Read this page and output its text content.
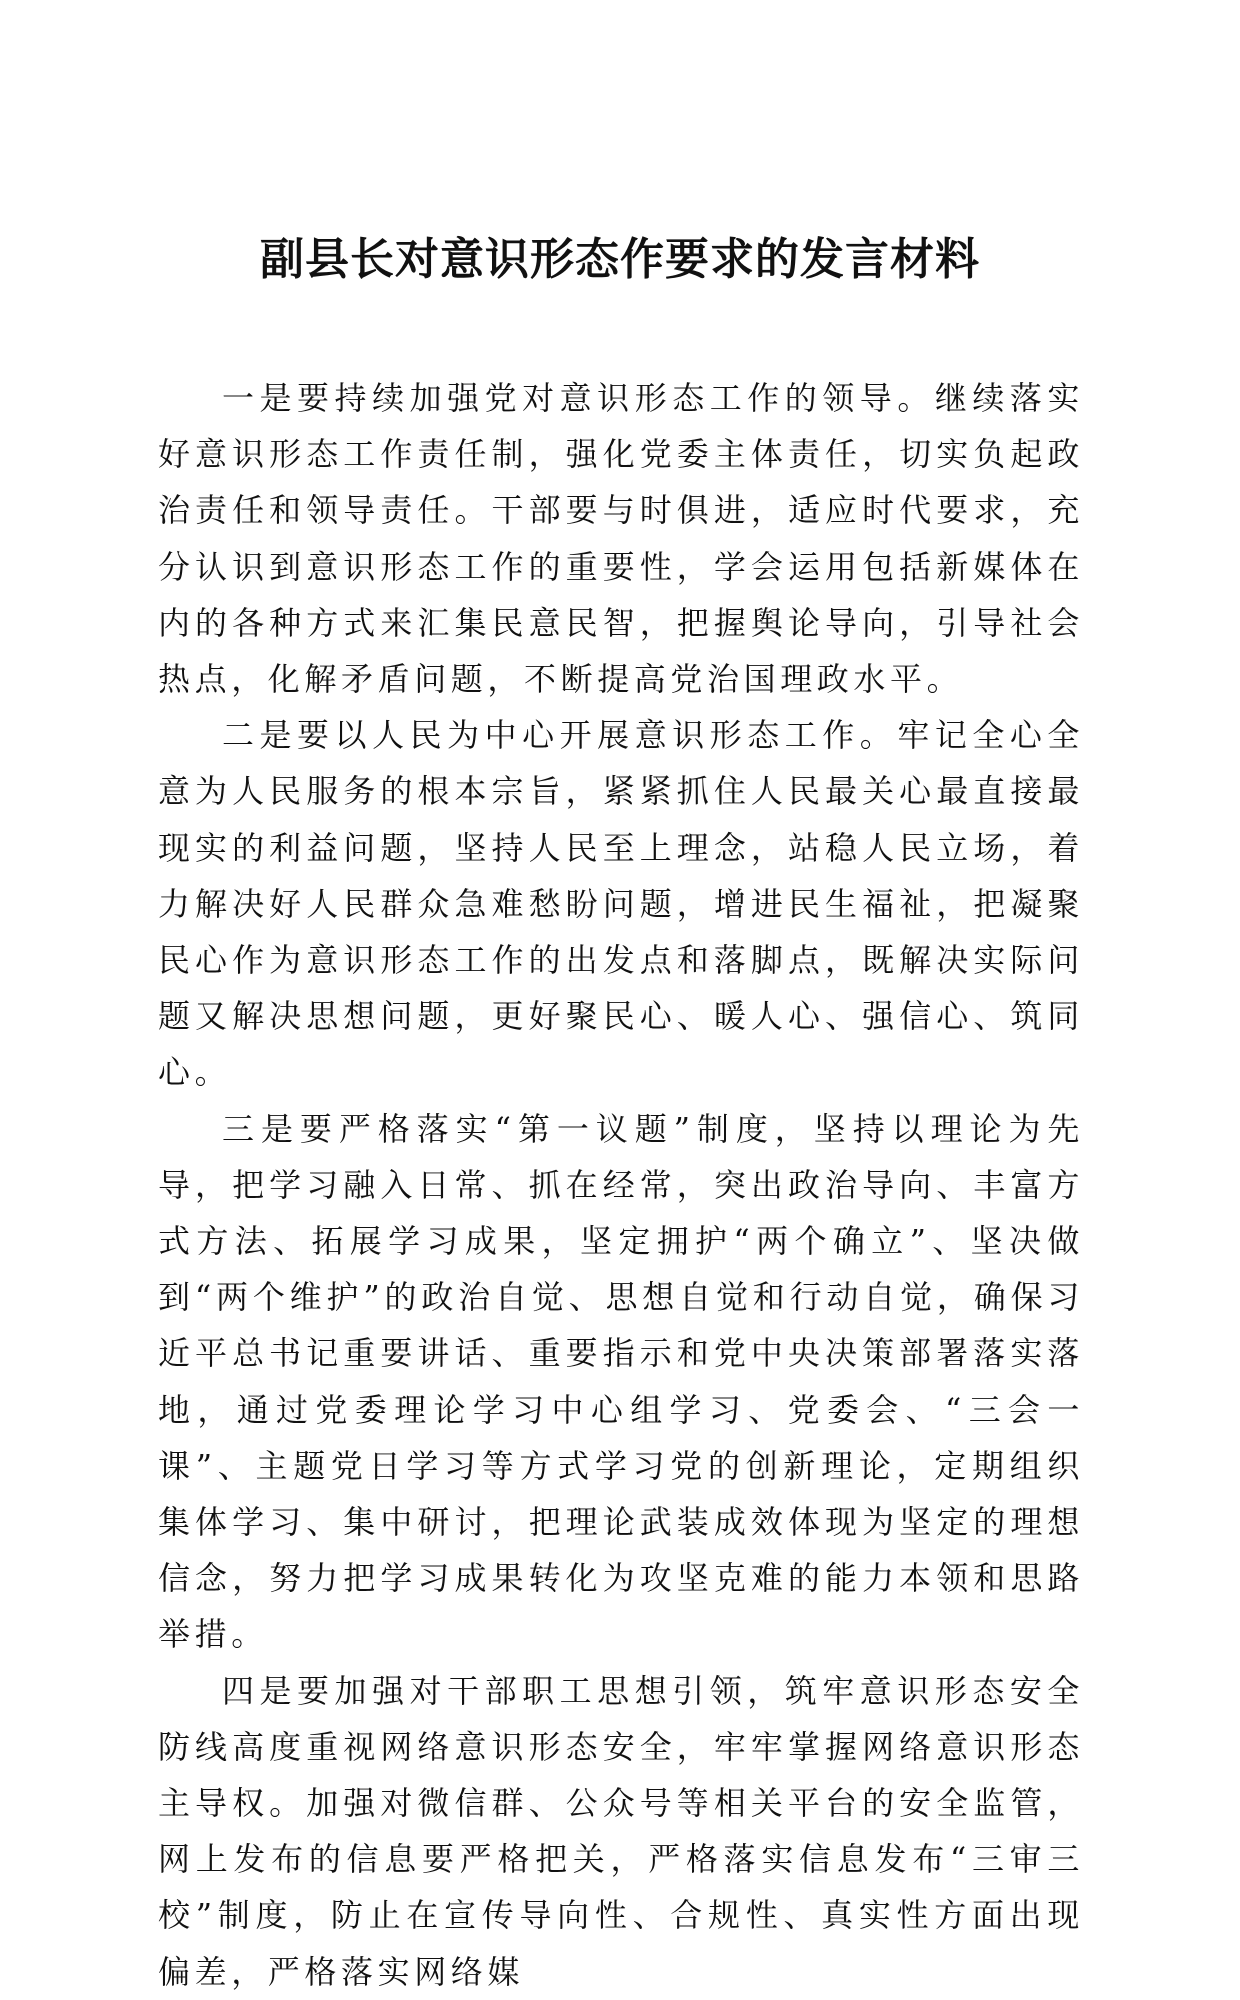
副县长对意识形态作要求的发言材料

一是要持续加强党对意识形态工作的领导。继续落实好意识形态工作责任制，强化党委主体责任，切实负起政治责任和领导责任。干部要与时俱进，适应时代要求，充分认识到意识形态工作的重要性，学会运用包括新媒体在内的各种方式来汇集民意民智，把握舆论导向，引导社会热点，化解矛盾问题，不断提高党治国理政水平。

二是要以人民为中心开展意识形态工作。牢记全心全意为人民服务的根本宗旨，紧紧抓住人民最关心最直接最现实的利益问题，坚持人民至上理念，站稳人民立场，着力解决好人民群众急难愁盼问题，增进民生福祉，把凝聚民心作为意识形态工作的出发点和落脚点，既解决实际问题又解决思想问题，更好聚民心、暖人心、强信心、筑同心。

三是要严格落实“第一议题”制度，坚持以理论为先导，把学习融入日常、抓在经常，突出政治导向、丰富方式方法、拓展学习成果，坚定拥护“两个确立”、坚决做到“两个维护”的政治自觉、思想自觉和行动自觉，确保习近平总书记重要讲话、重要指示和党中央决策部署落实落地，通过党委理论学习中心组学习、党委会、“三会一课”、主题党日学习等方式学习党的创新理论，定期组织集体学习、集中研讨，把理论武装成效体现为坚定的理想信念，努力把学习成果转化为攻坚克难的能力本领和思路举措。

四是要加强对干部职工思想引领，筑牢意识形态安全防线高度重视网络意识形态安全，牢牢掌握网络意识形态主导权。加强对微信群、公众号等相关平台的安全监管，网上发布的信息要严格把关，严格落实信息发布“三审三校”制度，防止在宣传导向性、合规性、真实性方面出现偏差，严格落实网络媒
